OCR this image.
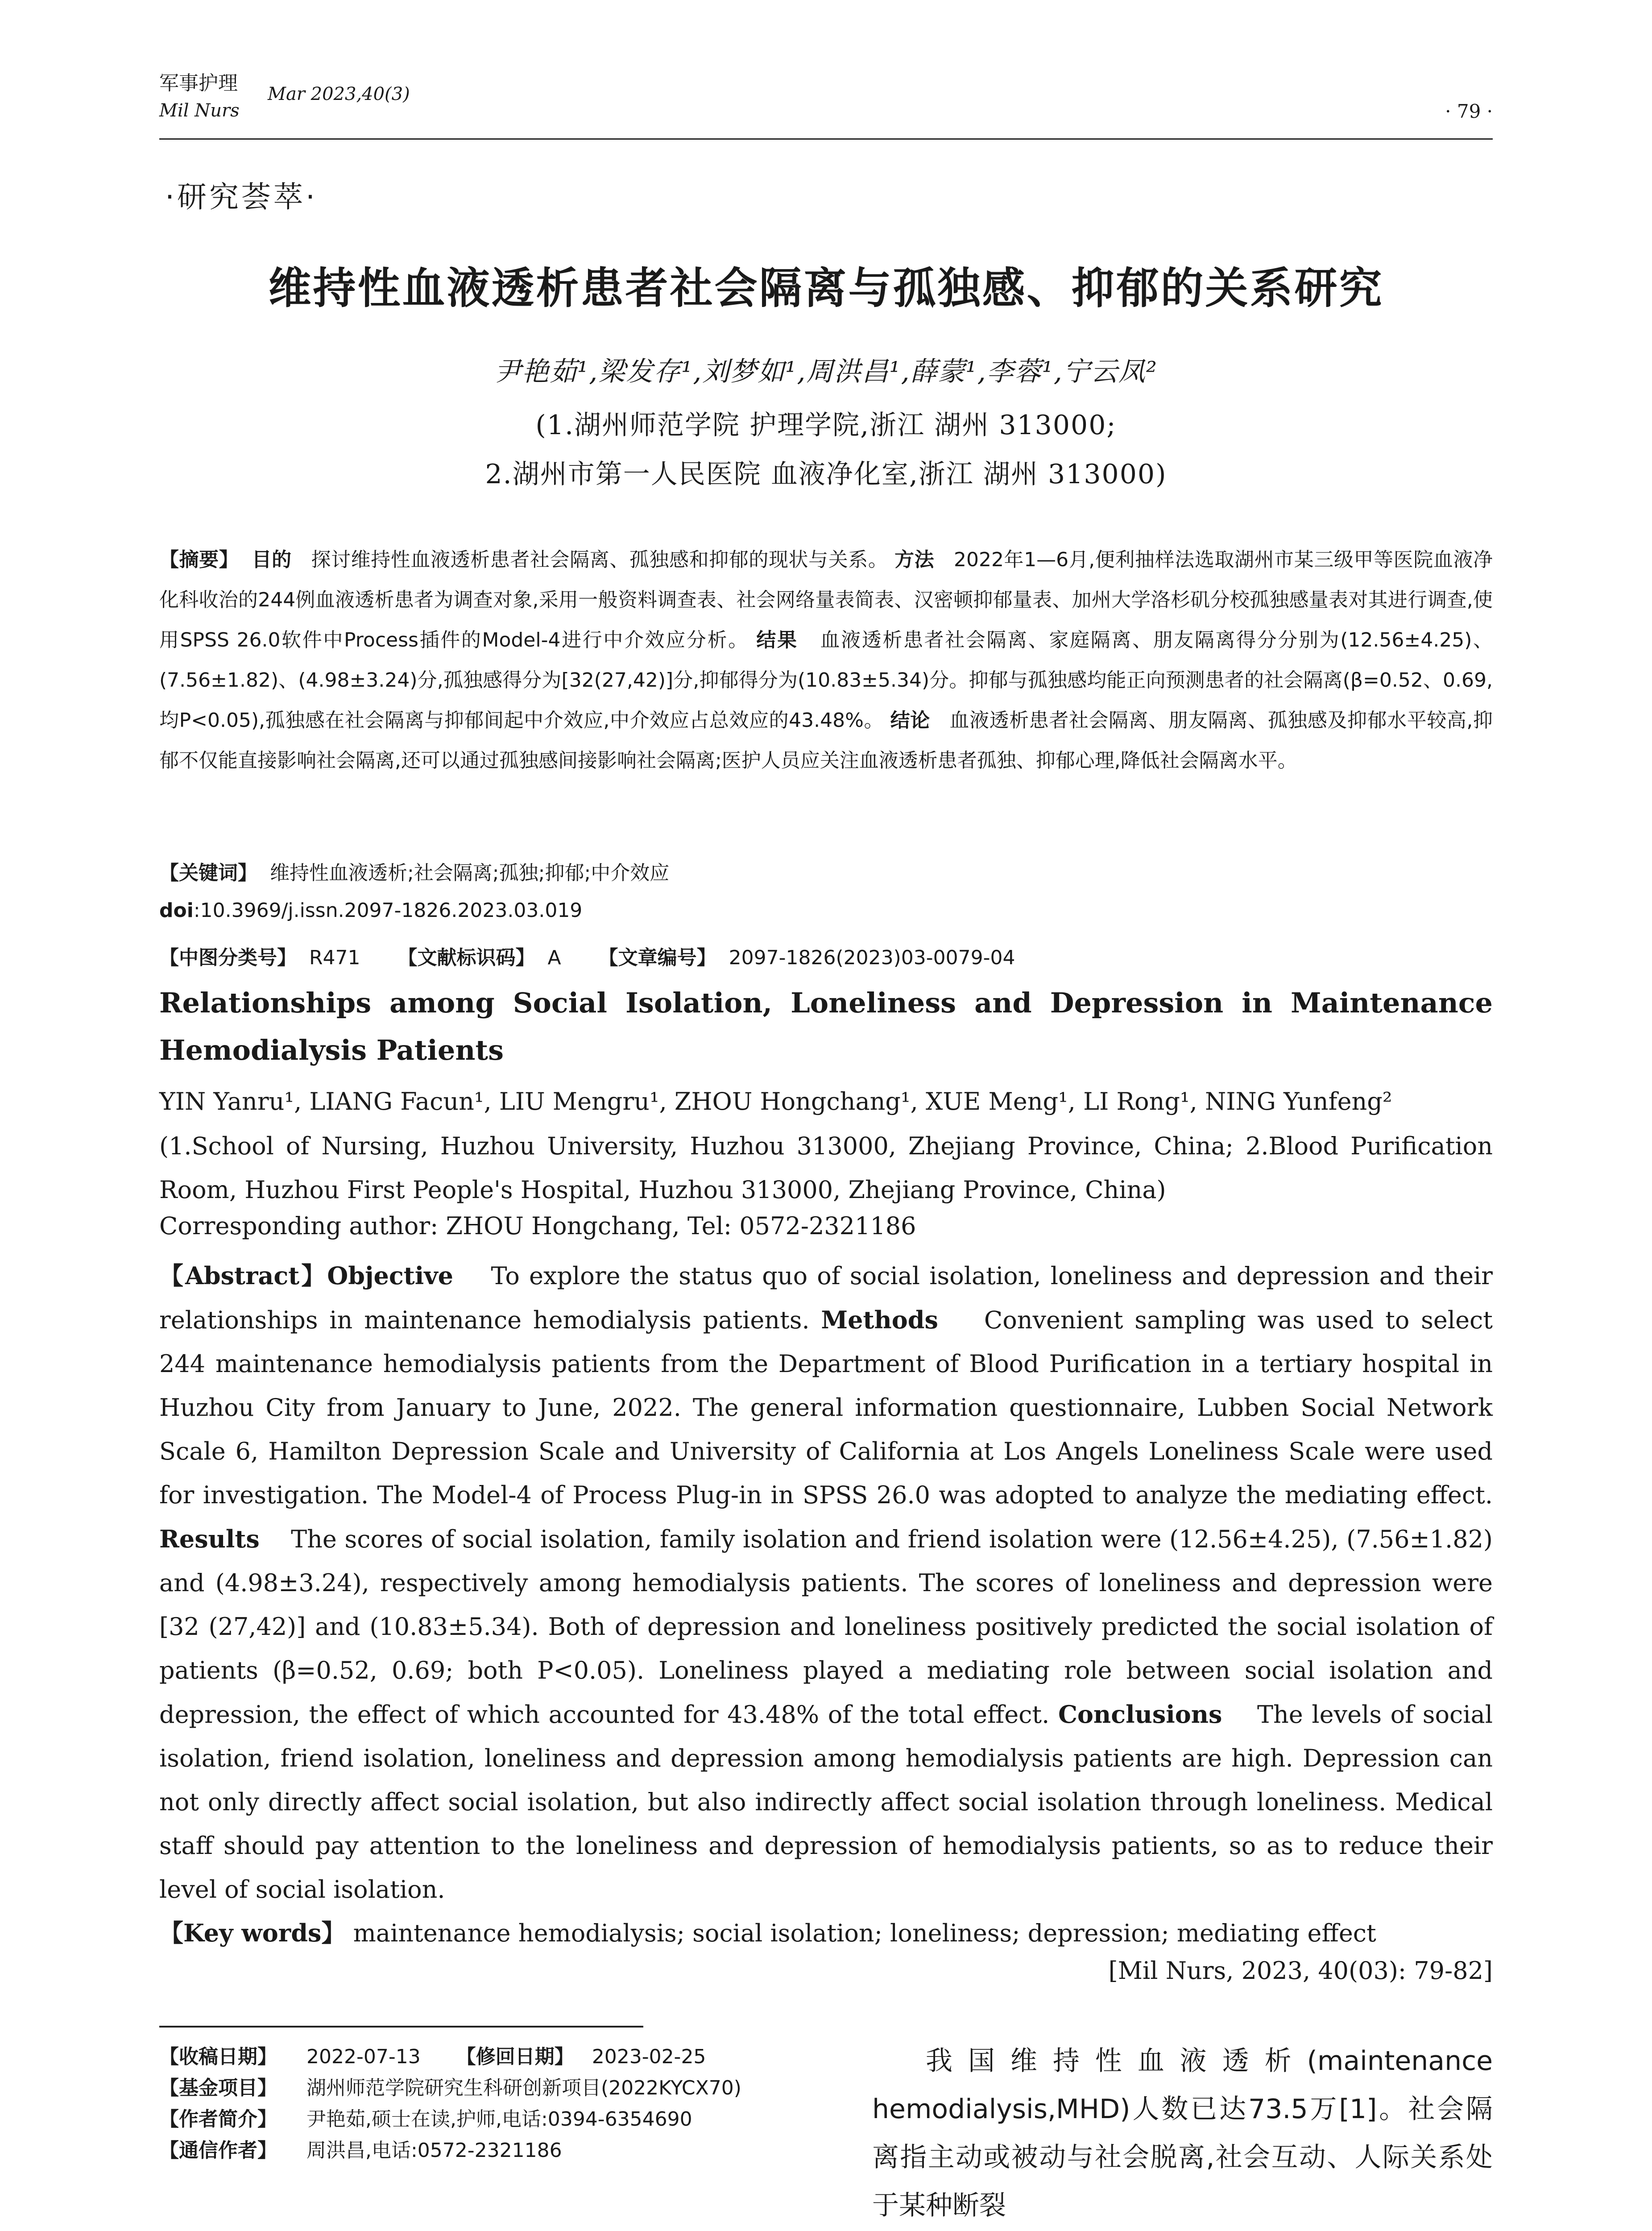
军事护理 Mar 2023,40(3)
Mil Nurs	· 79 ·
·研究荟萃·
维持性血液透析患者社会隔离与孤独感、抑郁的关系研究
尹艳茹¹,梁发存¹,刘梦如¹,周洪昌¹,薛蒙¹,李蓉¹,宁云凤²
(1.湖州师范学院 护理学院,浙江 湖州 313000;
2.湖州市第一人民医院 血液净化室,浙江 湖州 313000)
【摘要】 目的 探讨维持性血液透析患者社会隔离、孤独感和抑郁的现状与关系。 方法 2022年1—6月,便利抽样法选取湖州市某三级甲等医院血液净化科收治的244例血液透析患者为调查对象,采用一般资料调查表、社会网络量表简表、汉密顿抑郁量表、加州大学洛杉矶分校孤独感量表对其进行调查,使用SPSS 26.0软件中Process插件的Model-4进行中介效应分析。 结果 血液透析患者社会隔离、家庭隔离、朋友隔离得分分别为(12.56±4.25)、(7.56±1.82)、(4.98±3.24)分,孤独感得分为[32(27,42)]分,抑郁得分为(10.83±5.34)分。抑郁与孤独感均能正向预测患者的社会隔离(β=0.52、0.69,均P<0.05),孤独感在社会隔离与抑郁间起中介效应,中介效应占总效应的43.48%。 结论 血液透析患者社会隔离、朋友隔离、孤独感及抑郁水平较高,抑郁不仅能直接影响社会隔离,还可以通过孤独感间接影响社会隔离;医护人员应关注血液透析患者孤独、抑郁心理,降低社会隔离水平。
【关键词】 维持性血液透析;社会隔离;孤独;抑郁;中介效应
doi:10.3969/j.issn.2097-1826.2023.03.019
【中图分类号】 R471 【文献标识码】 A 【文章编号】 2097-1826(2023)03-0079-04
Relationships among Social Isolation, Loneliness and Depression in Maintenance Hemodialysis Patients
YIN Yanru¹, LIANG Facun¹, LIU Mengru¹, ZHOU Hongchang¹, XUE Meng¹, LI Rong¹, NING Yunfeng²
(1.School of Nursing, Huzhou University, Huzhou 313000, Zhejiang Province, China; 2.Blood Purification Room, Huzhou First People's Hospital, Huzhou 313000, Zhejiang Province, China)
Corresponding author: ZHOU Hongchang, Tel: 0572-2321186
【Abstract】Objective To explore the status quo of social isolation, loneliness and depression and their relationships in maintenance hemodialysis patients. Methods Convenient sampling was used to select 244 maintenance hemodialysis patients from the Department of Blood Purification in a tertiary hospital in Huzhou City from January to June, 2022. The general information questionnaire, Lubben Social Network Scale 6, Hamilton Depression Scale and University of California at Los Angels Loneliness Scale were used for investigation. The Model-4 of Process Plug-in in SPSS 26.0 was adopted to analyze the mediating effect. Results The scores of social isolation, family isolation and friend isolation were (12.56±4.25), (7.56±1.82) and (4.98±3.24), respectively among hemodialysis patients. The scores of loneliness and depression were [32 (27,42)] and (10.83±5.34). Both of depression and loneliness positively predicted the social isolation of patients (β=0.52, 0.69; both P<0.05). Loneliness played a mediating role between social isolation and depression, the effect of which accounted for 43.48% of the total effect. Conclusions The levels of social isolation, friend isolation, loneliness and depression among hemodialysis patients are high. Depression can not only directly affect social isolation, but also indirectly affect social isolation through loneliness. Medical staff should pay attention to the loneliness and depression of hemodialysis patients, so as to reduce their level of social isolation.
【Key words】 maintenance hemodialysis; social isolation; loneliness; depression; mediating effect
[Mil Nurs, 2023, 40(03): 79-82]
【收稿日期】 2022-07-13 【修回日期】 2023-02-25
【基金项目】 湖州师范学院研究生科研创新项目(2022KYCX70)
【作者简介】 尹艳茹,硕士在读,护师,电话:0394-6354690
【通信作者】 周洪昌,电话:0572-2321186
我国维持性血液透析(maintenance hemodialysis,MHD)人数已达73.5万[1]。社会隔离指主动或被动与社会脱离,社会互动、人际关系处于某种断裂
